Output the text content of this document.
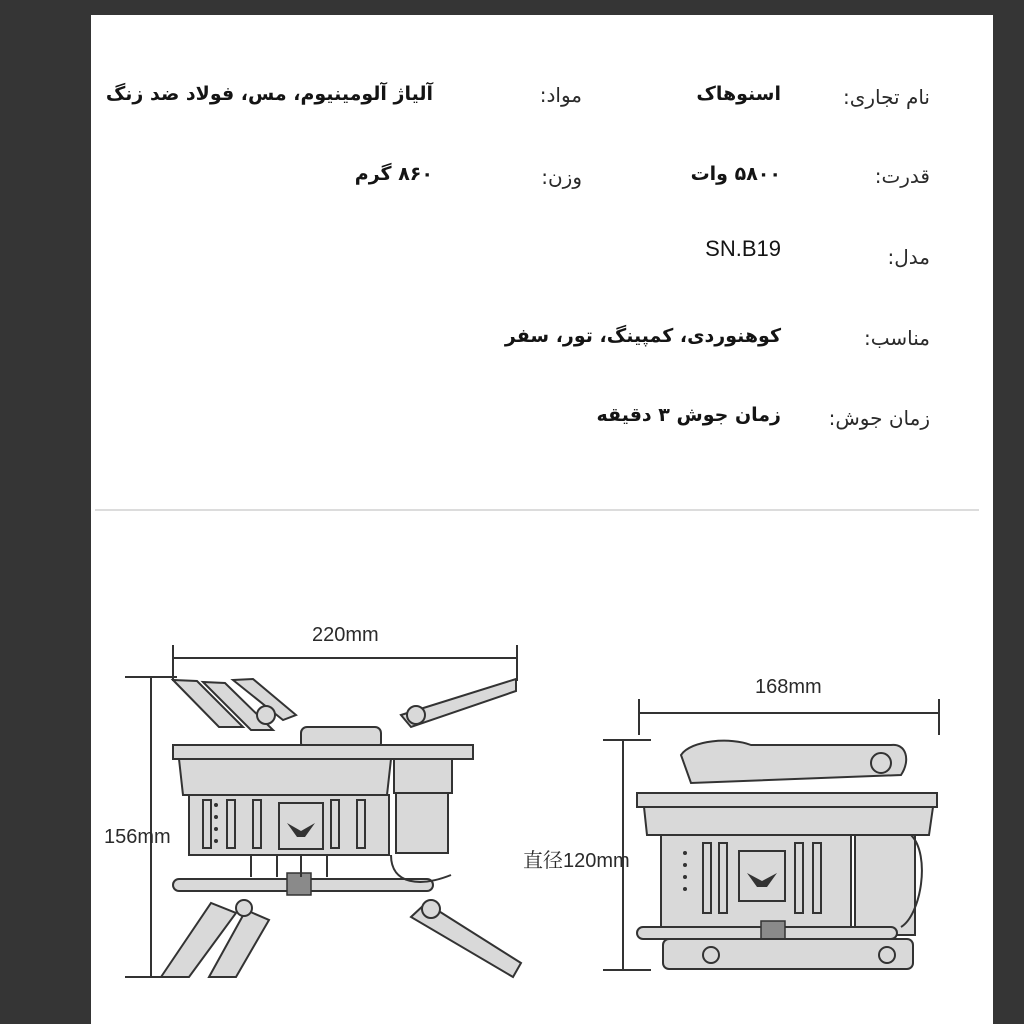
نام تجاری:
اسنوهاک
مواد:
آلیاژ آلومینیوم، مس، فولاد ضد زنگ
قدرت:
۵۸۰۰ وات
وزن:
۸۶۰ گرم
مدل:
SN.B19
مناسب:
کوهنوردی، کمپینگ، تور، سفر
زمان جوش:
زمان جوش ۳ دقیقه
220mm
156mm
168mm
直径120mm
